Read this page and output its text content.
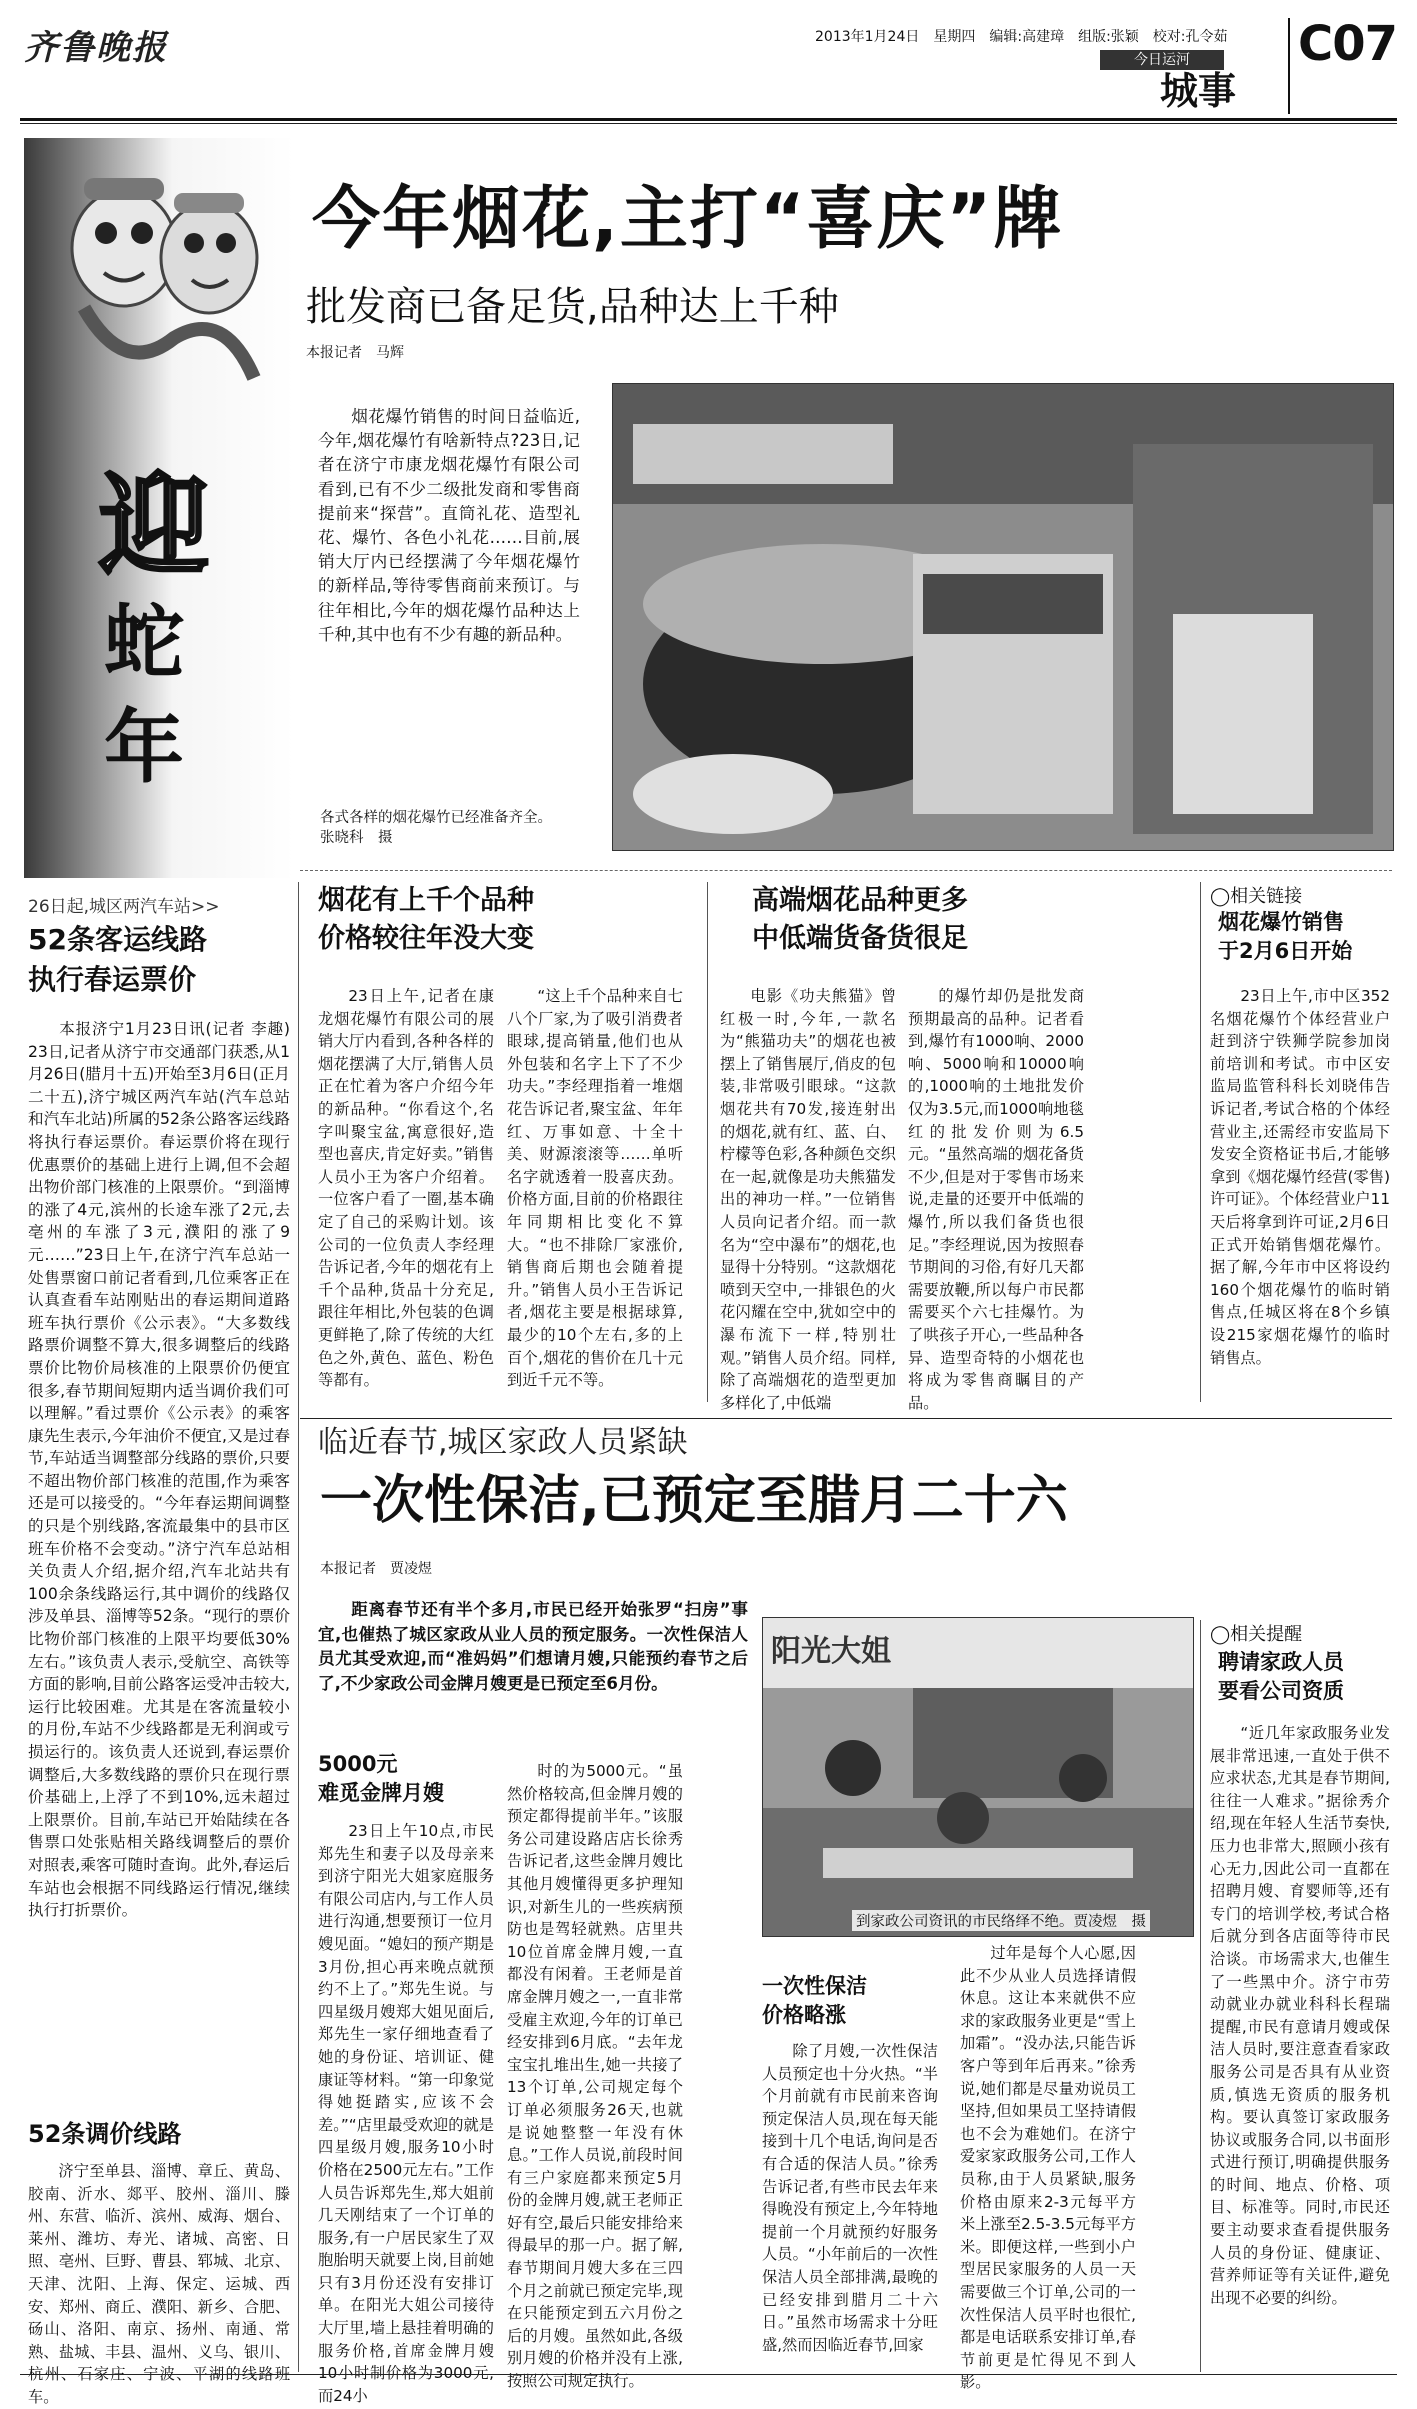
齐鲁晚报	2013年1月24日　星期四　编辑:高建璋　组版:张颖　校对:孔令茹
今日运河
城事
C07
迎
蛇
年
今年烟花,主打“喜庆”牌
批发商已备足货,品种达上千种
本报记者　马辉

烟花爆竹销售的时间日益临近,今年,烟花爆竹有啥新特点?23日,记者在济宁市康龙烟花爆竹有限公司看到,已有不少二级批发商和零售商提前来“探营”。直筒礼花、造型礼花、爆竹、各色小礼花……目前,展销大厅内已经摆满了今年烟花爆竹的新样品,等待零售商前来预订。与往年相比,今年的烟花爆竹品种达上千种,其中也有不少有趣的新品种。

各式各样的烟花爆竹已经准备齐全。
张晓科　摄
烟花有上千个品种
价格较往年没大变

23日上午,记者在康龙烟花爆竹有限公司的展销大厅内看到,各种各样的烟花摆满了大厅,销售人员正在忙着为客户介绍今年的新品种。“你看这个,名字叫聚宝盆,寓意很好,造型也喜庆,肯定好卖。”销售人员小王为客户介绍着。一位客户看了一圈,基本确定了自己的采购计划。该公司的一位负责人李经理告诉记者,今年的烟花有上千个品种,货品十分充足,跟往年相比,外包装的色调更鲜艳了,除了传统的大红色之外,黄色、蓝色、粉色等都有。

“这上千个品种来自七八个厂家,为了吸引消费者眼球,提高销量,他们也从外包装和名字上下了不少功夫。”李经理指着一堆烟花告诉记者,聚宝盆、年年红、万事如意、十全十美、财源滚滚等……单听名字就透着一股喜庆劲。价格方面,目前的价格跟往年同期相比变化不算大。“也不排除厂家涨价,销售商后期也会随着提升。”销售人员小王告诉记者,烟花主要是根据球算,最少的10个左右,多的上百个,烟花的售价在几十元到近千元不等。

高端烟花品种更多
中低端货备货很足

电影《功夫熊猫》曾红极一时,今年,一款名为“熊猫功夫”的烟花也被摆上了销售展厅,俏皮的包装,非常吸引眼球。“这款烟花共有70发,接连射出的烟花,就有红、蓝、白、柠檬等色彩,各种颜色交织在一起,就像是功夫熊猫发出的神功一样。”一位销售人员向记者介绍。而一款名为“空中瀑布”的烟花,也显得十分特别。“这款烟花喷到天空中,一排银色的火花闪耀在空中,犹如空中的瀑布流下一样,特别壮观。”销售人员介绍。同样,除了高端烟花的造型更加多样化了,中低端

的爆竹却仍是批发商预期最高的品种。记者看到,爆竹有1000响、2000响、5000响和10000响的,1000响的土地批发价仅为3.5元,而1000响地毯红的批发价则为6.5元。“虽然高端的烟花备货不少,但是对于零售市场来说,走量的还要开中低端的爆竹,所以我们备货也很足。”李经理说,因为按照春节期间的习俗,有好几天都需要放鞭,所以每户市民都需要买个六七挂爆竹。为了哄孩子开心,一些品种各异、造型奇特的小烟花也将成为零售商瞩目的产品。

◯相关链接
烟花爆竹销售
于2月6日开始

23日上午,市中区352名烟花爆竹个体经营业户赶到济宁铁狮学院参加岗前培训和考试。市中区安监局监管科科长刘晓伟告诉记者,考试合格的个体经营业主,还需经市安监局下发安全资格证书后,才能够拿到《烟花爆竹经营(零售)许可证》。个体经营业户11天后将拿到许可证,2月6日正式开始销售烟花爆竹。据了解,今年市中区将设约160个烟花爆竹的临时销售点,任城区将在8个乡镇设215家烟花爆竹的临时销售点。

26日起,城区两汽车站>>
52条客运线路
执行春运票价

本报济宁1月23日讯(记者 李趣) 23日,记者从济宁市交通部门获悉,从1月26日(腊月十五)开始至3月6日(正月二十五),济宁城区两汽车站(汽车总站和汽车北站)所属的52条公路客运线路将执行春运票价。春运票价将在现行优惠票价的基础上进行上调,但不会超出物价部门核准的上限票价。“到淄博的涨了4元,滨州的长途车涨了2元,去亳州的车涨了3元,濮阳的涨了9元……”23日上午,在济宁汽车总站一处售票窗口前记者看到,几位乘客正在认真查看车站刚贴出的春运期间道路班车执行票价《公示表》。“大多数线路票价调整不算大,很多调整后的线路票价比物价局核准的上限票价仍便宜很多,春节期间短期内适当调价我们可以理解。”看过票价《公示表》的乘客康先生表示,今年油价不便宜,又是过春节,车站适当调整部分线路的票价,只要不超出物价部门核准的范围,作为乘客还是可以接受的。“今年春运期间调整的只是个别线路,客流最集中的县市区班车价格不会变动。”济宁汽车总站相关负责人介绍,据介绍,汽车北站共有100余条线路运行,其中调价的线路仅涉及单县、淄博等52条。“现行的票价比物价部门核准的上限平均要低30%左右。”该负责人表示,受航空、高铁等方面的影响,目前公路客运受冲击较大,运行比较困难。尤其是在客流量较小的月份,车站不少线路都是无利润或亏损运行的。该负责人还说到,春运票价调整后,大多数线路的票价只在现行票价基础上,上浮了不到10%,远未超过上限票价。目前,车站已开始陆续在各售票口处张贴相关路线调整后的票价对照表,乘客可随时查询。此外,春运后车站也会根据不同线路运行情况,继续执行打折票价。

52条调价线路

济宁至单县、淄博、章丘、黄岛、胶南、沂水、郯平、胶州、淄川、滕州、东营、临沂、滨州、威海、烟台、莱州、潍坊、寿光、诸城、高密、日照、亳州、巨野、曹县、郓城、北京、天津、沈阳、上海、保定、运城、西安、郑州、商丘、濮阳、新乡、合肥、砀山、洛阳、南京、扬州、南通、常熟、盐城、丰县、温州、义乌、银川、杭州、石家庄、宁波、平湖的线路班车。

临近春节,城区家政人员紧缺
一次性保洁,已预定至腊月二十六
本报记者　贾凌煜

距离春节还有半个多月,市民已经开始张罗“扫房”事宜,也催热了城区家政从业人员的预定服务。一次性保洁人员尤其受欢迎,而“准妈妈”们想请月嫂,只能预约春节之后了,不少家政公司金牌月嫂更是已预定至6月份。

阳光大姐
到家政公司资讯的市民络绎不绝。贾凌煜　摄
5000元
难觅金牌月嫂

23日上午10点,市民郑先生和妻子以及母亲来到济宁阳光大姐家庭服务有限公司店内,与工作人员进行沟通,想要预订一位月嫂见面。“媳妇的预产期是3月份,担心再来晚点就预约不上了。”郑先生说。与四星级月嫂郑大姐见面后,郑先生一家仔细地查看了她的身份证、培训证、健康证等材料。“第一印象觉得她挺踏实,应该不会差。”“店里最受欢迎的就是四星级月嫂,服务10小时价格在2500元左右。”工作人员告诉郑先生,郑大姐前几天刚结束了一个订单的服务,有一户居民家生了双胞胎明天就要上岗,目前她只有3月份还没有安排订单。在阳光大姐公司接待大厅里,墙上悬挂着明确的服务价格,首席金牌月嫂10小时制价格为3000元,而24小

时的为5000元。“虽然价格较高,但金牌月嫂的预定都得提前半年。”该服务公司建设路店店长徐秀告诉记者,这些金牌月嫂比其他月嫂懂得更多护理知识,对新生儿的一些疾病预防也是驾轻就熟。店里共10位首席金牌月嫂,一直都没有闲着。王老师是首席金牌月嫂之一,一直非常受雇主欢迎,今年的订单已经安排到6月底。“去年龙宝宝扎堆出生,她一共接了13个订单,公司规定每个订单必须服务26天,也就是说她整整一年没有休息。”工作人员说,前段时间有三户家庭都来预定5月份的金牌月嫂,就王老师正好有空,最后只能安排给来得最早的那一户。据了解,春节期间月嫂大多在三四个月之前就已预定完毕,现在只能预定到五六月份之后的月嫂。虽然如此,各级别月嫂的价格并没有上涨,按照公司规定执行。

一次性保洁
价格略涨

除了月嫂,一次性保洁人员预定也十分火热。“半个月前就有市民前来咨询预定保洁人员,现在每天能接到十几个电话,询问是否有合适的保洁人员。”徐秀告诉记者,有些市民去年来得晚没有预定上,今年特地提前一个月就预约好服务人员。“小年前后的一次性保洁人员全部排满,最晚的已经安排到腊月二十六日。”虽然市场需求十分旺盛,然而因临近春节,回家

过年是每个人心愿,因此不少从业人员选择请假休息。这让本来就供不应求的家政服务业更是“雪上加霜”。“没办法,只能告诉客户等到年后再来。”徐秀说,她们都是尽量劝说员工坚持,但如果员工坚持请假也不会为难她们。在济宁爱家家政服务公司,工作人员称,由于人员紧缺,服务价格由原来2-3元每平方米上涨至2.5-3.5元每平方米。即便这样,一些到小户型居民家服务的人员一天需要做三个订单,公司的一次性保洁人员平时也很忙,都是电话联系安排订单,春节前更是忙得见不到人影。

◯相关提醒
聘请家政人员
要看公司资质

“近几年家政服务业发展非常迅速,一直处于供不应求状态,尤其是春节期间,往往一人难求。”据徐秀介绍,现在年轻人生活节奏快,压力也非常大,照顾小孩有心无力,因此公司一直都在招聘月嫂、育婴师等,还有专门的培训学校,考试合格后就分到各店面等待市民洽谈。市场需求大,也催生了一些黑中介。济宁市劳动就业办就业科科长程瑞提醒,市民有意请月嫂或保洁人员时,要注意查看家政服务公司是否具有从业资质,慎选无资质的服务机构。要认真签订家政服务协议或服务合同,以书面形式进行预订,明确提供服务的时间、地点、价格、项目、标准等。同时,市民还要主动要求查看提供服务人员的身份证、健康证、营养师证等有关证件,避免出现不必要的纠纷。
